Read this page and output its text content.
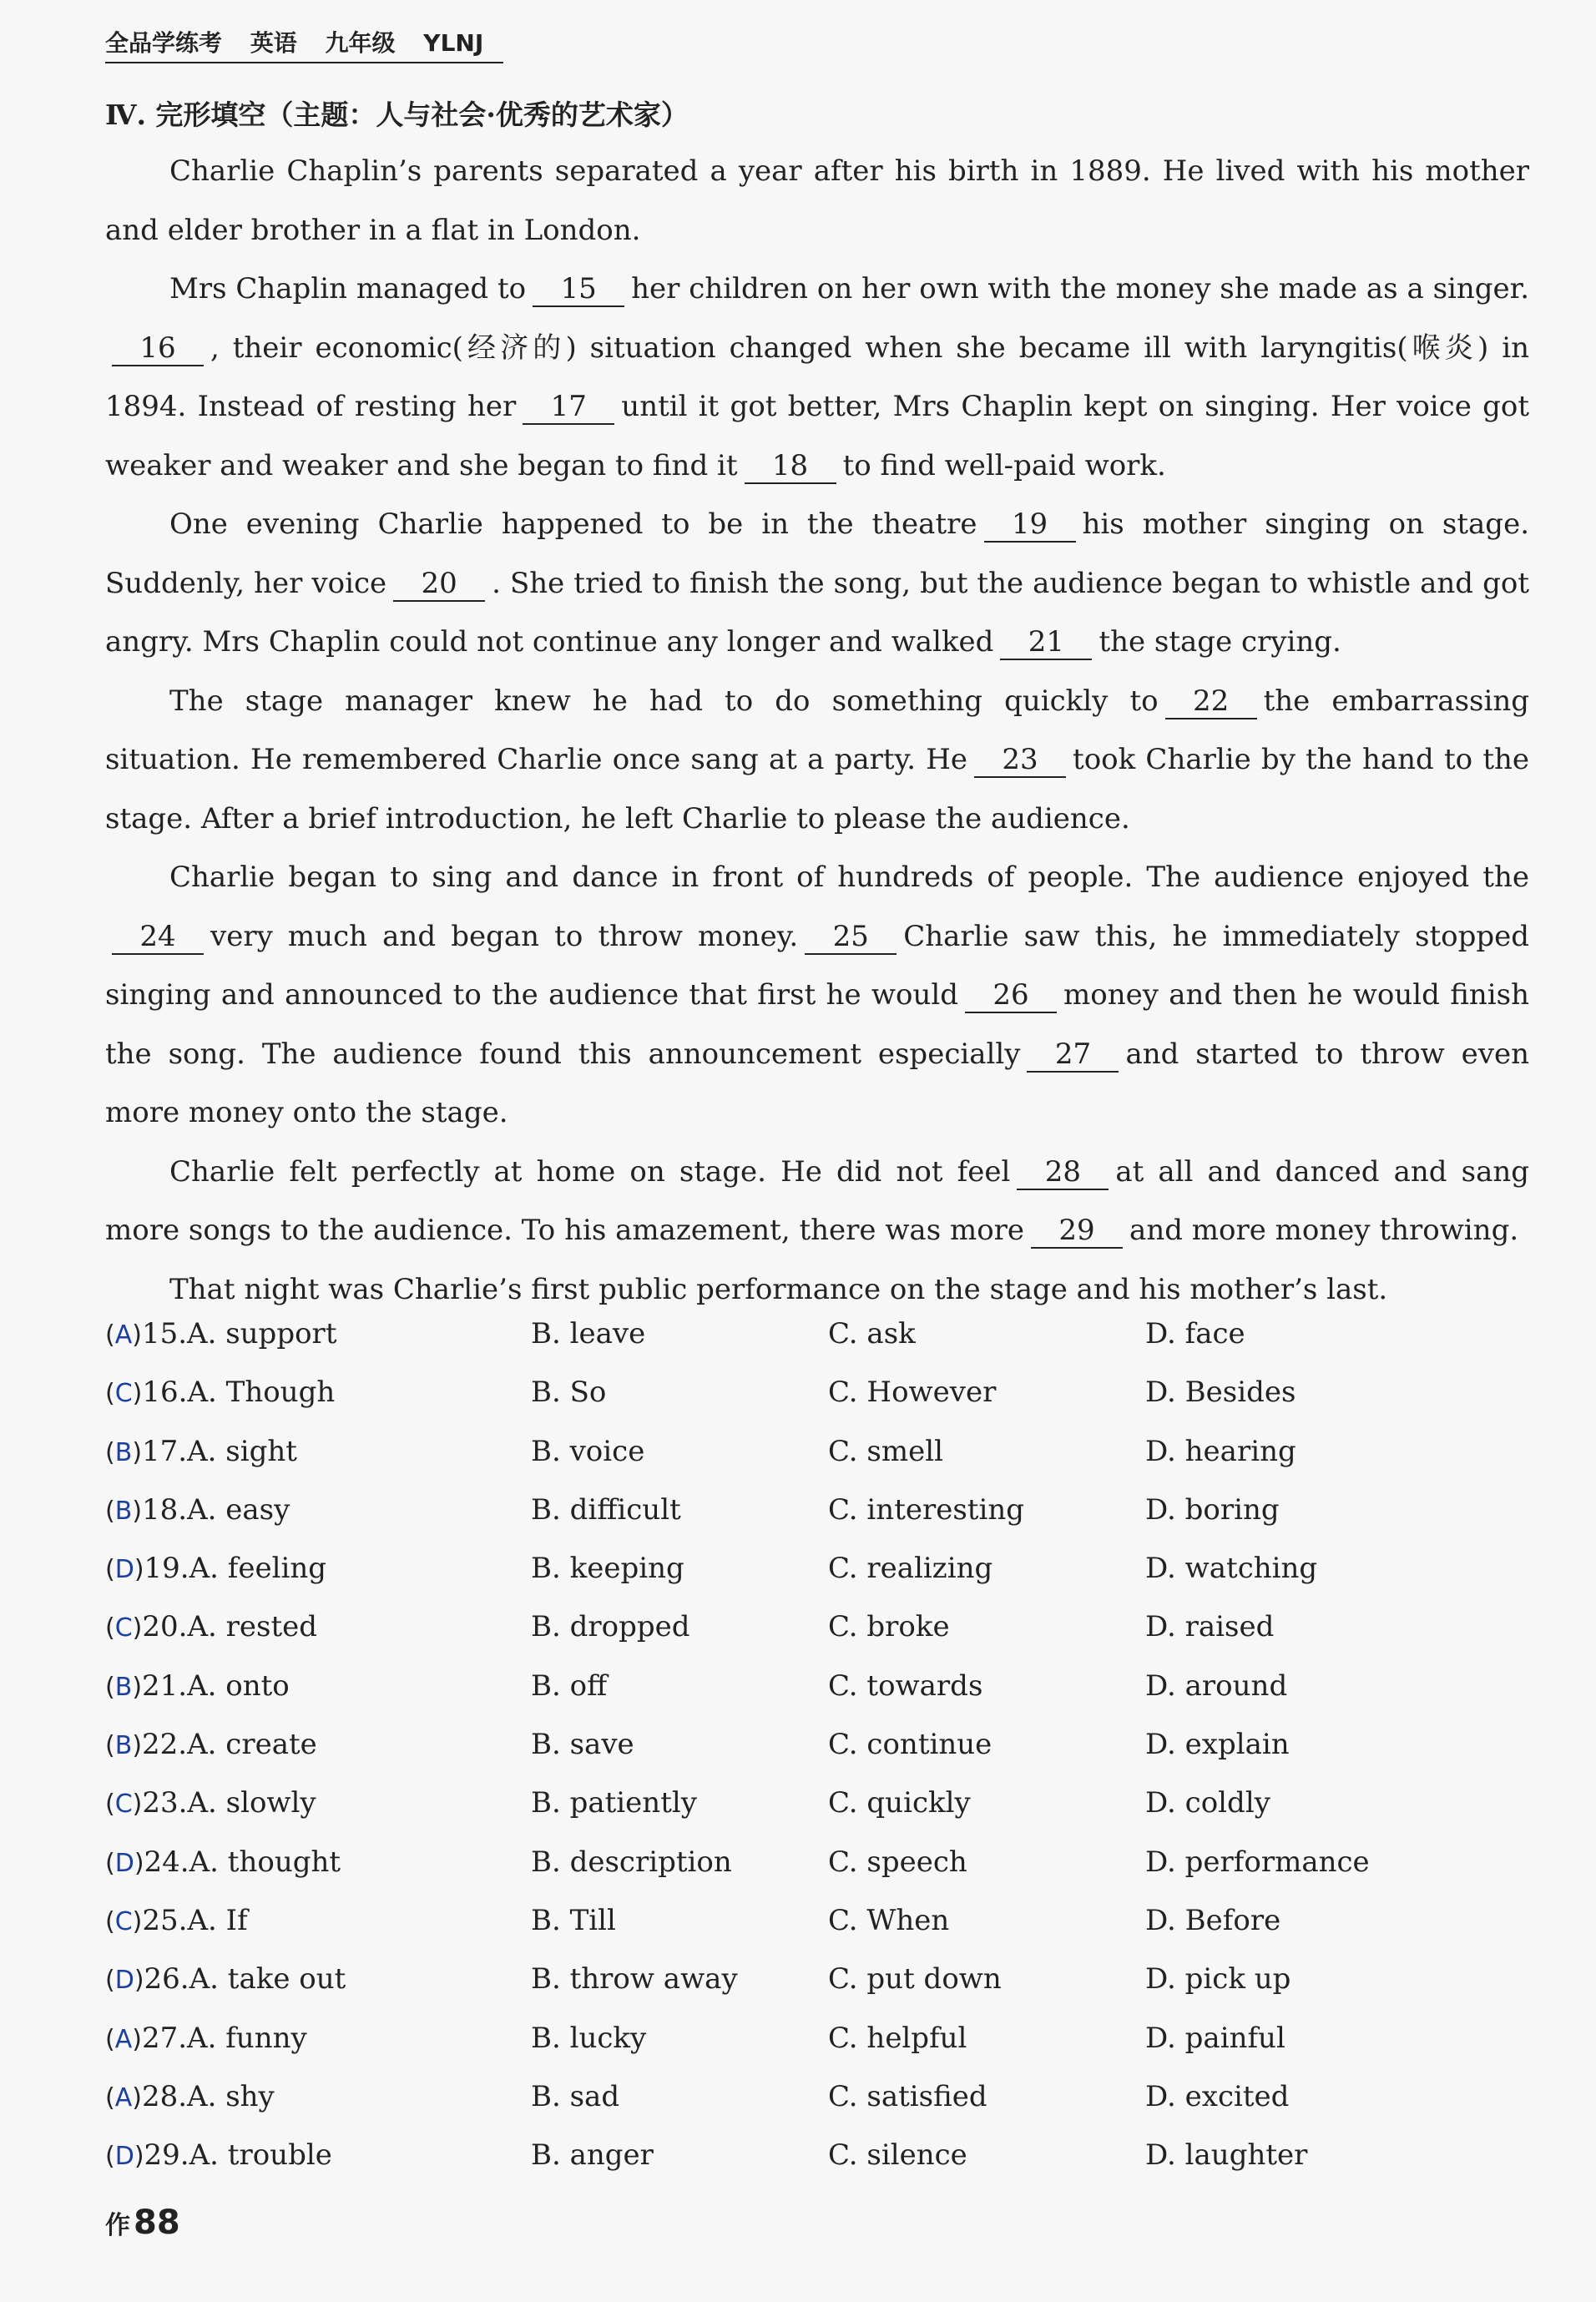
全品学练考 英语 九年级 YLNJ
Ⅳ. 完形填空（主题：人与社会·优秀的艺术家）

Charlie Chaplin’s parents separated a year after his birth in 1889. He lived with his mother and elder brother in a flat in London.

Mrs Chaplin managed to 15 her children on her own with the money she made as a singer.16 , their economic(经济的) situation changed when she became ill with laryngitis(喉炎) in 1894. Instead of resting her 17 until it got better, Mrs Chaplin kept on singing. Her voice got weaker and weaker and she began to find it 18 to find well-paid work.

One evening Charlie happened to be in the theatre 19 his mother singing on stage. Suddenly, her voice 20 . She tried to finish the song, but the audience began to whistle and got angry. Mrs Chaplin could not continue any longer and walked 21 the stage crying.

The stage manager knew he had to do something quickly to 22 the embarrassing situation. He remembered Charlie once sang at a party. He 23 took Charlie by the hand to the stage. After a brief introduction, he left Charlie to please the audience.

Charlie began to sing and dance in front of hundreds of people. The audience enjoyed the24 very much and began to throw money. 25 Charlie saw this, he immediately stopped singing and announced to the audience that first he would 26 money and then he would finish the song. The audience found this announcement especially 27 and started to throw even more money onto the stage.

Charlie felt perfectly at home on stage. He did not feel 28 at all and danced and sang more songs to the audience. To his amazement, there was more 29 and more money throwing.

That night was Charlie’s first public performance on the stage and his mother’s last.

(A)15.A. support	B. leave	C. ask	D. face
(C)16.A. Though	B. So	C. However	D. Besides
(B)17.A. sight	B. voice	C. smell	D. hearing
(B)18.A. easy	B. difficult	C. interesting	D. boring
(D)19.A. feeling	B. keeping	C. realizing	D. watching
(C)20.A. rested	B. dropped	C. broke	D. raised
(B)21.A. onto	B. off	C. towards	D. around
(B)22.A. create	B. save	C. continue	D. explain
(C)23.A. slowly	B. patiently	C. quickly	D. coldly
(D)24.A. thought	B. description	C. speech	D. performance
(C)25.A. If	B. Till	C. When	D. Before
(D)26.A. take out	B. throw away	C. put down	D. pick up
(A)27.A. funny	B. lucky	C. helpful	D. painful
(A)28.A. shy	B. sad	C. satisfied	D. excited
(D)29.A. trouble	B. anger	C. silence	D. laughter
作 88
